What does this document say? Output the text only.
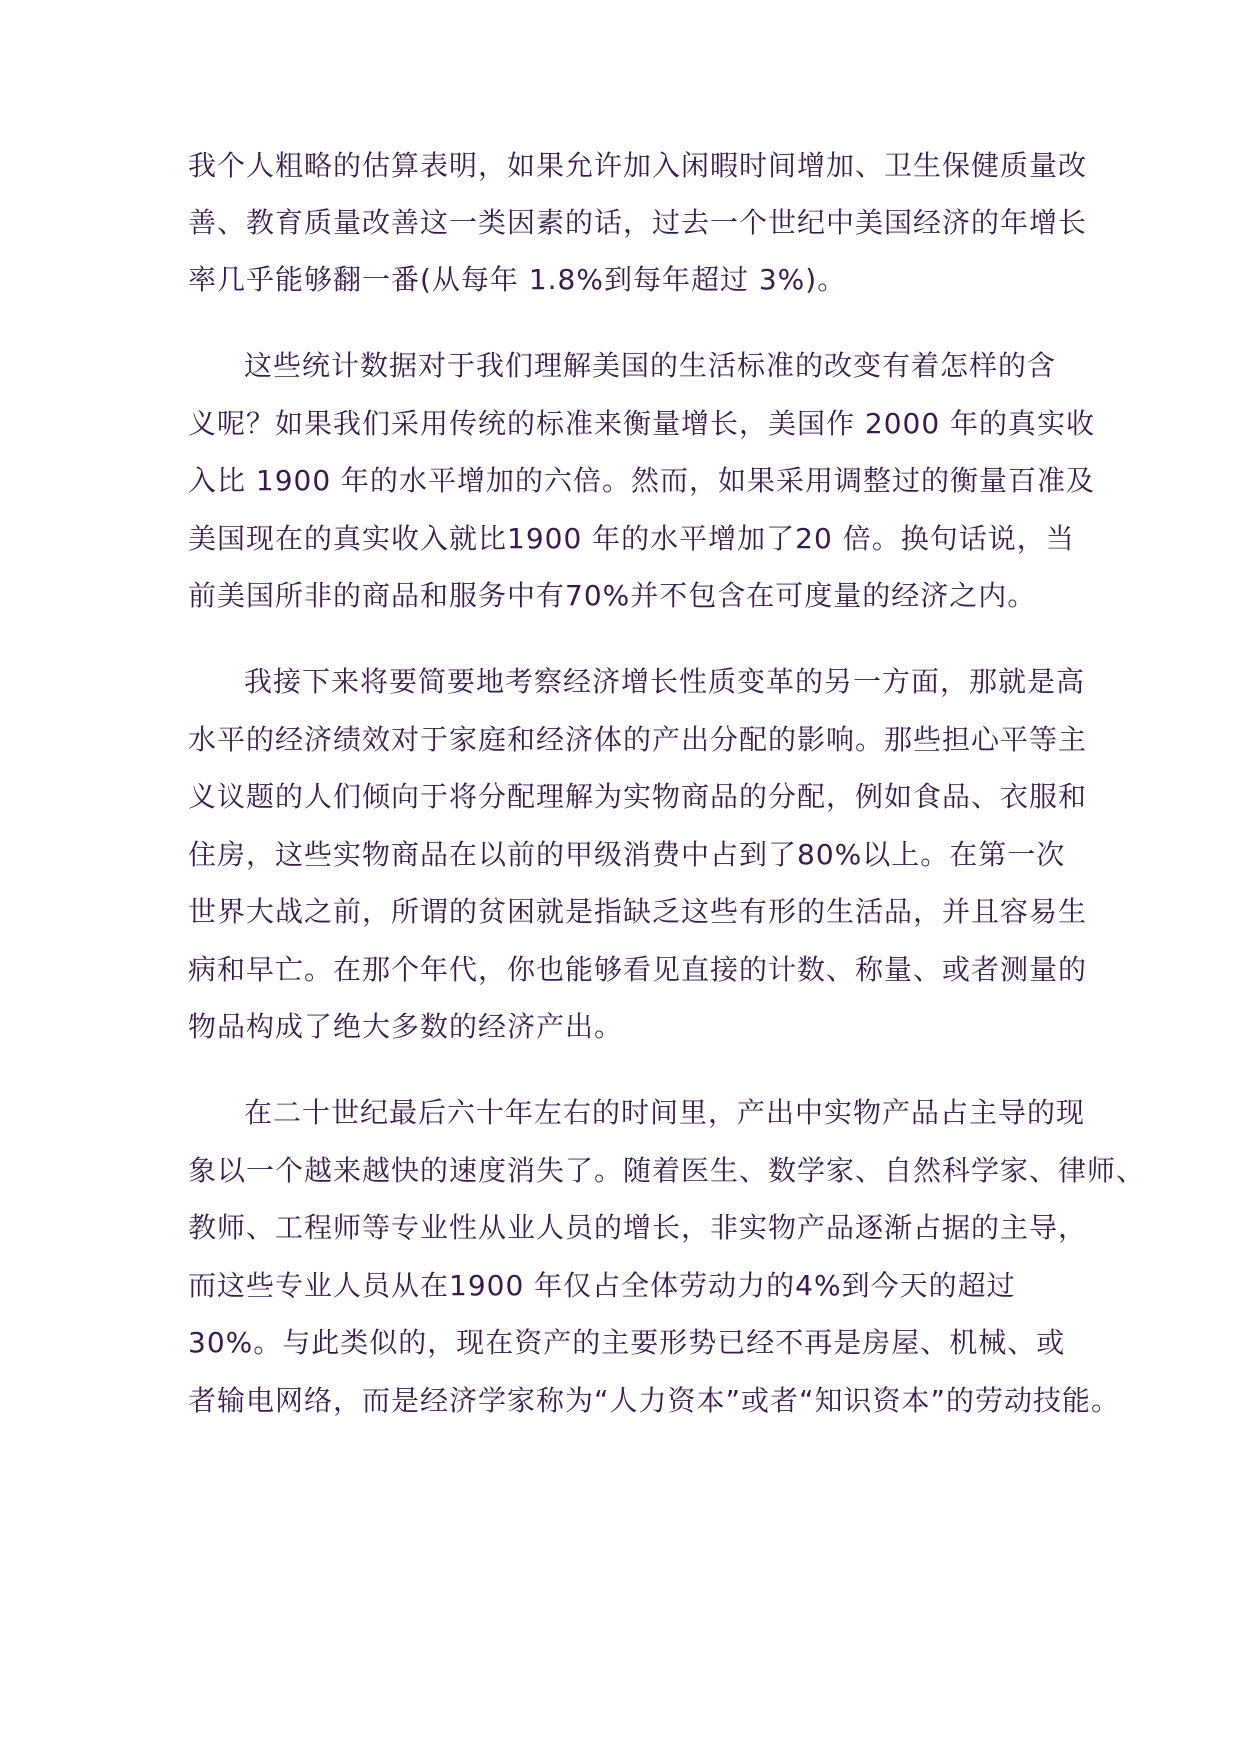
我个人粗略的估算表明，如果允许加入闲暇时间增加、卫生保健质量改

善、教育质量改善这一类因素的话，过去一个世纪中美国经济的年增长

率几乎能够翻一番(从每年 1.8%到每年超过 3%)。

这些统计数据对于我们理解美国的生活标准的改变有着怎样的含

义呢？如果我们采用传统的标准来衡量增长，美国作 2000 年的真实收

入比 1900 年的水平增加的六倍。然而，如果采用调整过的衡量百准及

美国现在的真实收入就比1900 年的水平增加了20 倍。换句话说，当

前美国所非的商品和服务中有70%并不包含在可度量的经济之内。

我接下来将要简要地考察经济增长性质变革的另一方面，那就是高

水平的经济绩效对于家庭和经济体的产出分配的影响。那些担心平等主

义议题的人们倾向于将分配理解为实物商品的分配，例如食品、衣服和

住房，这些实物商品在以前的甲级消费中占到了80%以上。在第一次

世界大战之前，所谓的贫困就是指缺乏这些有形的生活品，并且容易生

病和早亡。在那个年代，你也能够看见直接的计数、称量、或者测量的

物品构成了绝大多数的经济产出。

在二十世纪最后六十年左右的时间里，产出中实物产品占主导的现

象以一个越来越快的速度消失了。随着医生、数学家、自然科学家、律师、

教师、工程师等专业性从业人员的增长，非实物产品逐渐占据的主导，

而这些专业人员从在1900 年仅占全体劳动力的4%到今天的超过

30%。与此类似的，现在资产的主要形势已经不再是房屋、机械、或

者输电网络，而是经济学家称为“人力资本”或者“知识资本”的劳动技能。
